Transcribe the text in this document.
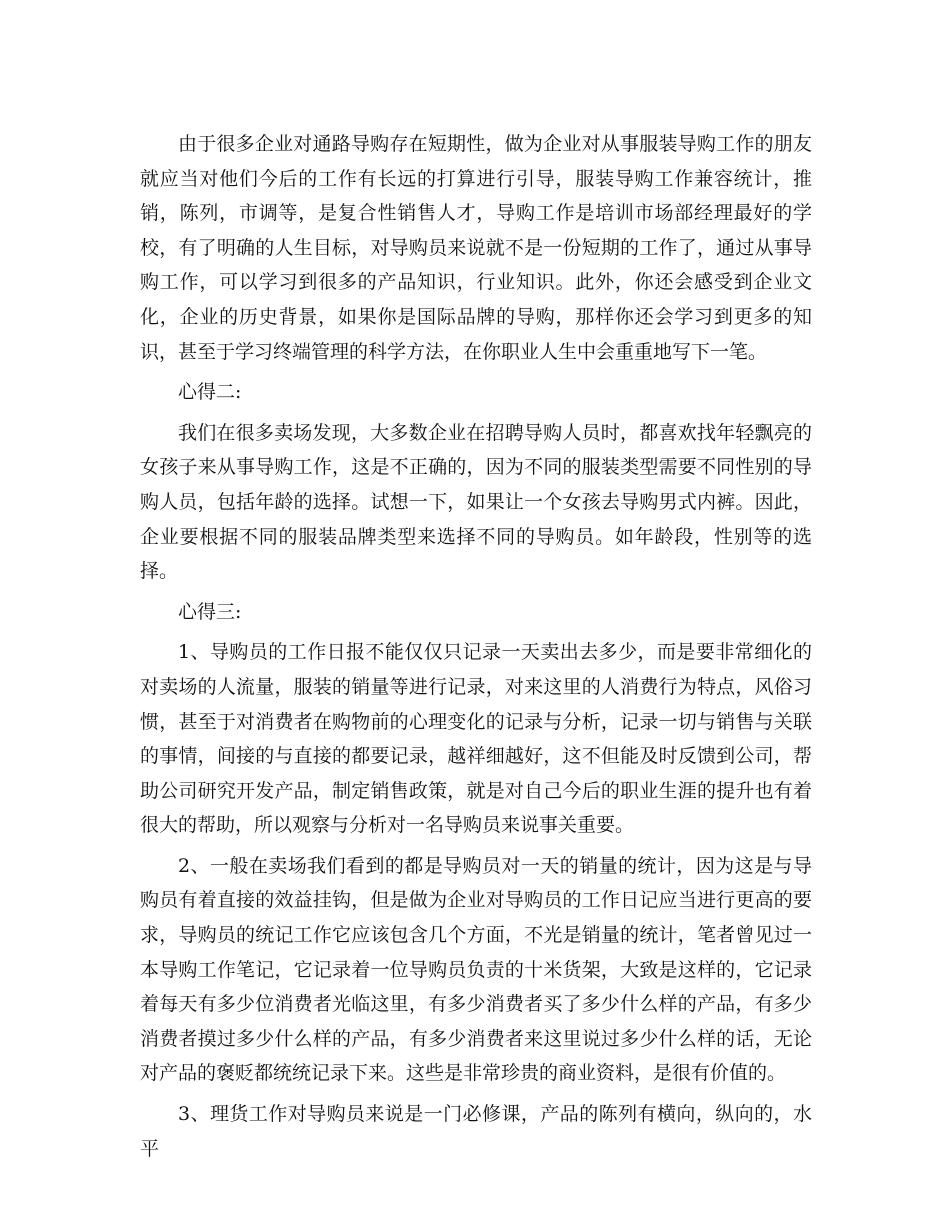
由于很多企业对通路导购存在短期性，做为企业对从事服装导购工作的朋友就应当对他们今后的工作有长远的打算进行引导，服装导购工作兼容统计，推销，陈列，市调等，是复合性销售人才，导购工作是培训市场部经理最好的学校，有了明确的人生目标，对导购员来说就不是一份短期的工作了，通过从事导购工作，可以学习到很多的产品知识，行业知识。此外，你还会感受到企业文化，企业的历史背景，如果你是国际品牌的导购，那样你还会学习到更多的知识，甚至于学习终端管理的科学方法，在你职业人生中会重重地写下一笔。

心得二:

我们在很多卖场发现，大多数企业在招聘导购人员时，都喜欢找年轻飘亮的女孩子来从事导购工作，这是不正确的，因为不同的服装类型需要不同性别的导购人员，包括年龄的选择。试想一下，如果让一个女孩去导购男式内裤。因此，企业要根据不同的服装品牌类型来选择不同的导购员。如年龄段，性别等的选择。

心得三:

1、导购员的工作日报不能仅仅只记录一天卖出去多少，而是要非常细化的对卖场的人流量，服装的销量等进行记录，对来这里的人消费行为特点，风俗习惯，甚至于对消费者在购物前的心理变化的记录与分析，记录一切与销售与关联的事情，间接的与直接的都要记录，越祥细越好，这不但能及时反馈到公司，帮助公司研究开发产品，制定销售政策，就是对自己今后的职业生涯的提升也有着很大的帮助，所以观察与分析对一名导购员来说事关重要。

2、一般在卖场我们看到的都是导购员对一天的销量的统计，因为这是与导购员有着直接的效益挂钩，但是做为企业对导购员的工作日记应当进行更高的要求，导购员的统记工作它应该包含几个方面，不光是销量的统计，笔者曾见过一本导购工作笔记，它记录着一位导购员负责的十米货架，大致是这样的，它记录着每天有多少位消费者光临这里，有多少消费者买了多少什么样的产品，有多少消费者摸过多少什么样的产品，有多少消费者来这里说过多少什么样的话，无论对产品的褒贬都统统记录下来。这些是非常珍贵的商业资料，是很有价值的。

3、理货工作对导购员来说是一门必修课，产品的陈列有横向，纵向的，水平
